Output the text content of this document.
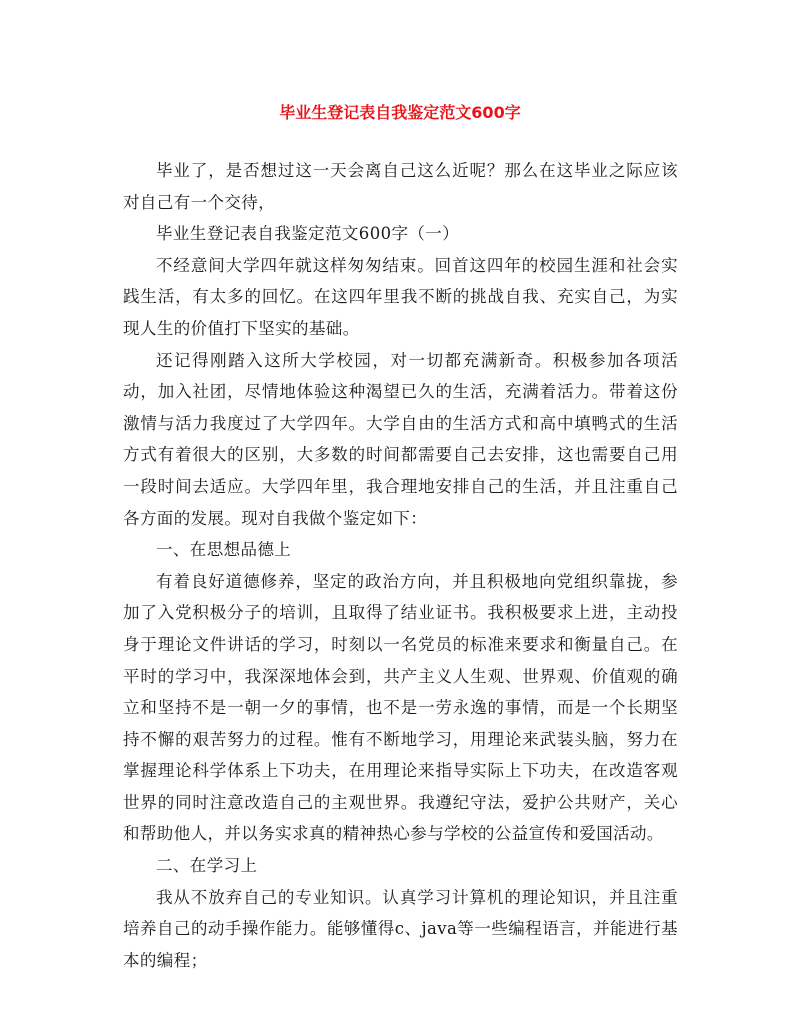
毕业生登记表自我鉴定范文600字

毕业了，是否想过这一天会离自己这么近呢？那么在这毕业之际应该对自己有一个交待，

毕业生登记表自我鉴定范文600字（一）

不经意间大学四年就这样匆匆结束。回首这四年的校园生涯和社会实践生活，有太多的回忆。在这四年里我不断的挑战自我、充实自己，为实现人生的价值打下坚实的基础。

还记得刚踏入这所大学校园，对一切都充满新奇。积极参加各项活动，加入社团，尽情地体验这种渴望已久的生活，充满着活力。带着这份激情与活力我度过了大学四年。大学自由的生活方式和高中填鸭式的生活方式有着很大的区别，大多数的时间都需要自己去安排，这也需要自己用一段时间去适应。大学四年里，我合理地安排自己的生活，并且注重自己各方面的发展。现对自我做个鉴定如下：

一、在思想品德上

有着良好道德修养，坚定的政治方向，并且积极地向党组织靠拢，参加了入党积极分子的培训，且取得了结业证书。我积极要求上进，主动投身于理论文件讲话的学习，时刻以一名党员的标准来要求和衡量自己。在平时的学习中，我深深地体会到，共产主义人生观、世界观、价值观的确立和坚持不是一朝一夕的事情，也不是一劳永逸的事情，而是一个长期坚持不懈的艰苦努力的过程。惟有不断地学习，用理论来武装头脑，努力在掌握理论科学体系上下功夫，在用理论来指导实际上下功夫，在改造客观世界的同时注意改造自己的主观世界。我遵纪守法，爱护公共财产，关心和帮助他人，并以务实求真的精神热心参与学校的公益宣传和爱国活动。

二、在学习上

我从不放弃自己的专业知识。认真学习计算机的理论知识，并且注重培养自己的动手操作能力。能够懂得c、java等一些编程语言，并能进行基本的编程；
